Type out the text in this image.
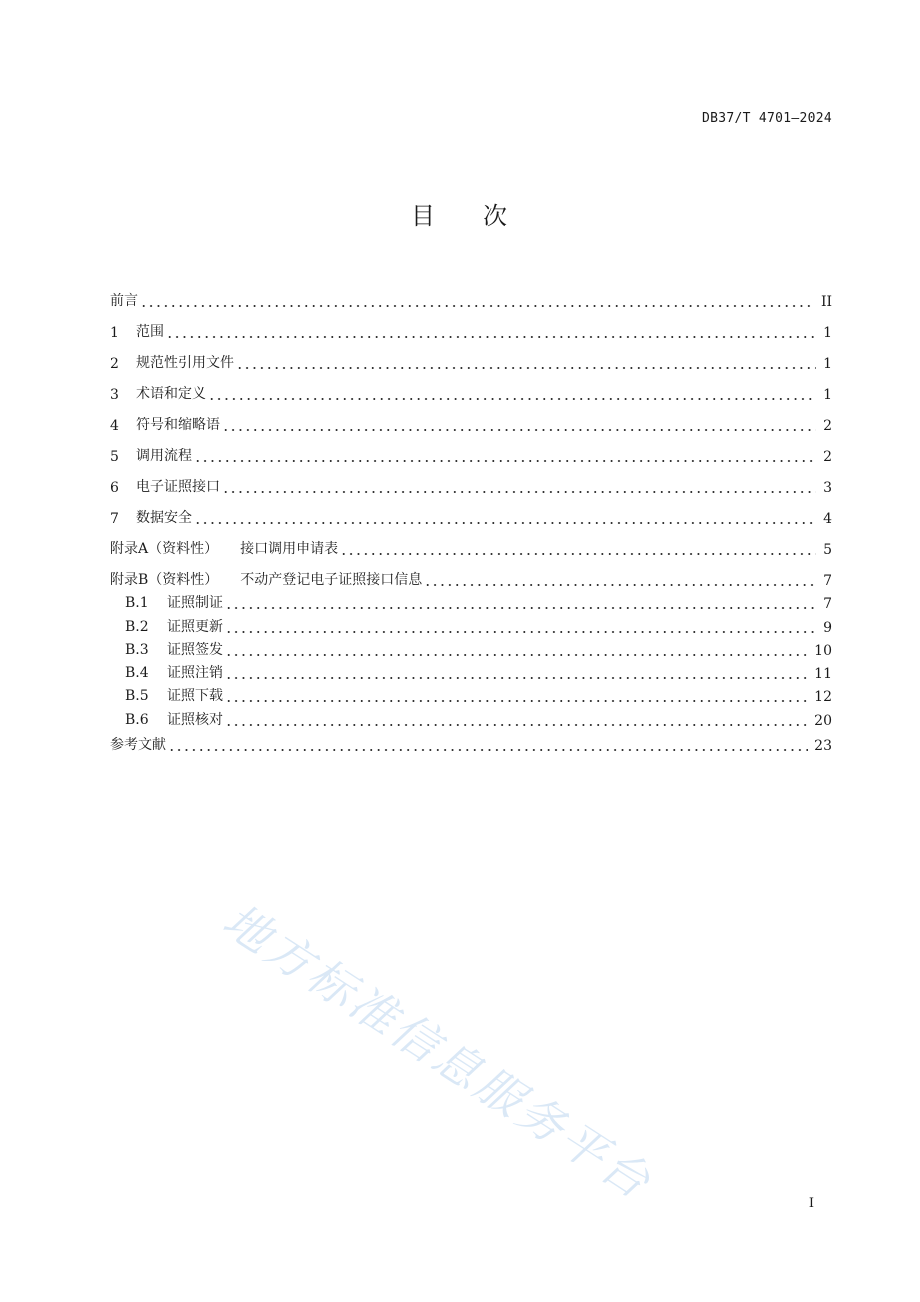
DB37/T 4701—2024
目 次
前言	II
1	范围	1
2	规范性引用文件	1
3	术语和定义	1
4	符号和缩略语	2
5	调用流程	2
6	电子证照接口	3
7	数据安全	4
附录A（资料性）	接口调用申请表	5
附录B（资料性）	不动产登记电子证照接口信息	7
B.1 证照制证	7
B.2 证照更新	9
B.3 证照签发	10
B.4 证照注销	11
B.5 证照下载	12
B.6 证照核对	20
参考文献	23
地方标准信息服务平台	I
